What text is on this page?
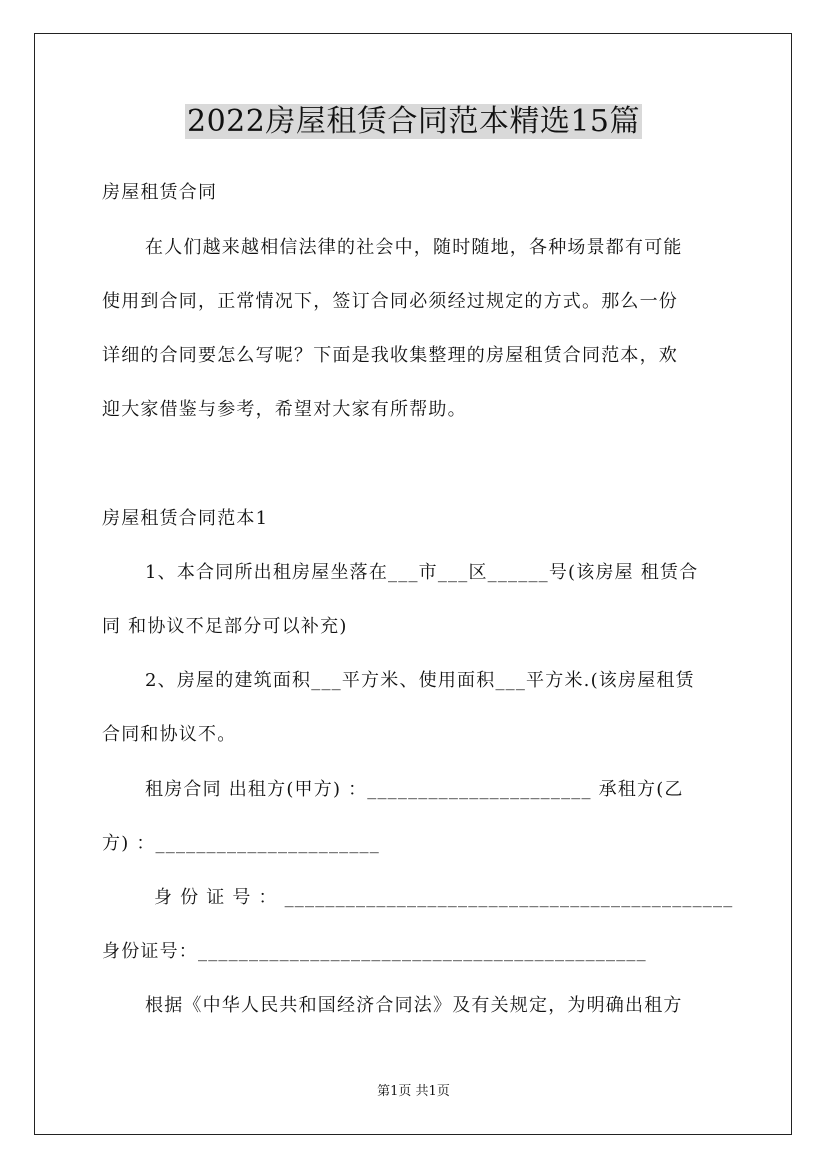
2022房屋租赁合同范本精选15篇
房屋租赁合同
在人们越来越相信法律的社会中，随时随地，各种场景都有可能
使用到合同，正常情况下，签订合同必须经过规定的方式。那么一份
详细的合同要怎么写呢？下面是我收集整理的房屋租赁合同范本，欢
迎大家借鉴与参考，希望对大家有所帮助。
房屋租赁合同范本1
1、本合同所出租房屋坐落在___市___区______号(该房屋 租赁合
同 和协议不足部分可以补充)
2、房屋的建筑面积___平方米、使用面积___平方米.(该房屋租赁
合同和协议不。
租房合同 出租方(甲方) ：______________________ 承租方(乙
方) ：______________________
身 份 证 号 ： ____________________________________________
身份证号：____________________________________________
根据《中华人民共和国经济合同法》及有关规定，为明确出租方
第1页 共1页
